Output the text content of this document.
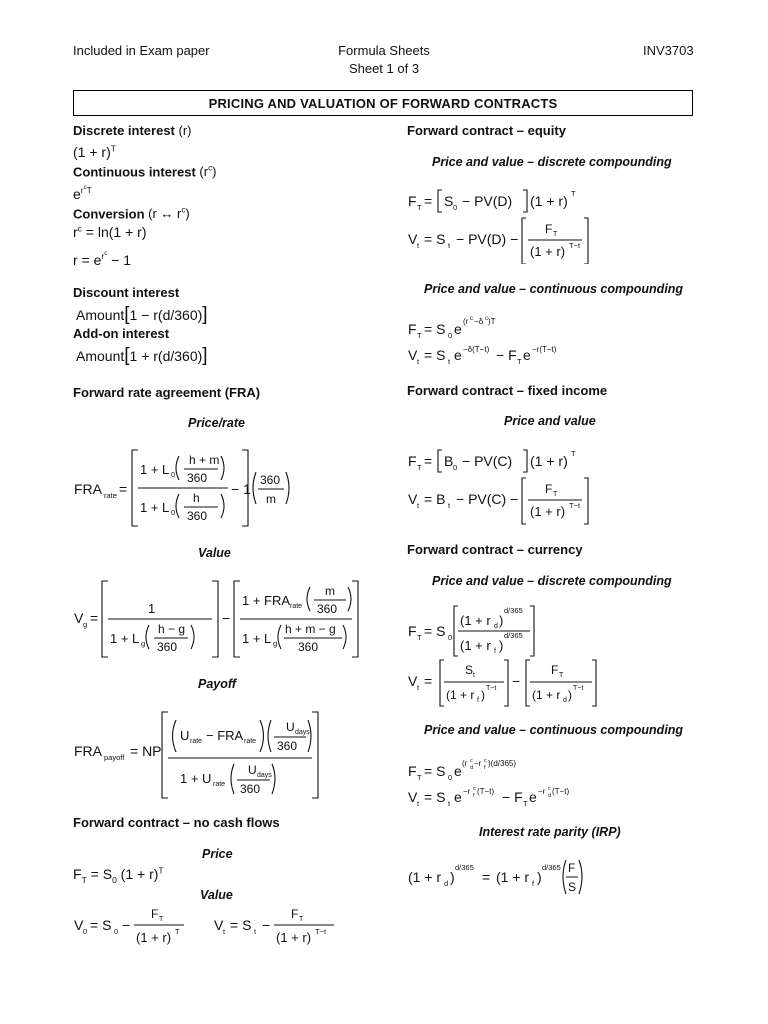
Included in Exam paper	Formula Sheets
Sheet 1 of 3
INV3703
PRICING AND VALUATION OF FORWARD CONTRACTS
Discrete interest (r)
$(1 + r)^T$
Continuous interest $(r^c)$
$e^{r^cT}$
Conversion (r ↔ $r^c$)
$r^c = \ln(1 + r)$
$r = e^{r^c} - 1$
Discount interest
Amount[1 − r(d/360)]
Add-on interest
Amount[1 + r(d/360)]
Forward rate agreement (FRA)
Price/rate
FRA rate =
1 + L 0
h + m
360
1 + L 0
h
360
− 1
360
m
Value
V g =
1
1 + L g
h − g
360
−
1 + FRA rate
m
360
1 + L g
h + m − g
360
Payoff
FRA payoff = NP
U rate − FRA rate
U days
360
1 + U rate
U days
360
Forward contract – no cash flows
Price
$F_T = S_0$ $(1 + r)^T$
Value
V 0 = S 0 −
F T
(1 + r) T V t = S t −
F T
(1 + r) T−t
Forward contract – equity
Price and value – discrete compounding
F T = S 0 − PV(D) (1 + r) T
V t = S t − PV(D) −
F T
(1 + r) T−t
Price and value – continuous compounding
F T = S 0 e (r c −δ c )T
V t = S t e −δ(T−t) − F T e −r(T−t)
Forward contract – fixed income
Price and value
F T = B 0 − PV(C) (1 + r) T
V t = B t − PV(C) −
F T
(1 + r) T−t
Forward contract – currency
Price and value – discrete compounding
F T = S 0
(1 + r d )
d/365
(1 + r f )
d/365
V t =
S t
(1 + r f ) T−t −
F T
(1 + r d ) T−t
Price and value – continuous compounding
F T = S 0 e (r c
d −r c
f )(d/365)
V t = S t e −r c
f (T−t) − F T e −r c
d (T−t)
Interest rate parity (IRP)
(1 + r d )
d/365
= (1 + r f )
d/365 F
S
